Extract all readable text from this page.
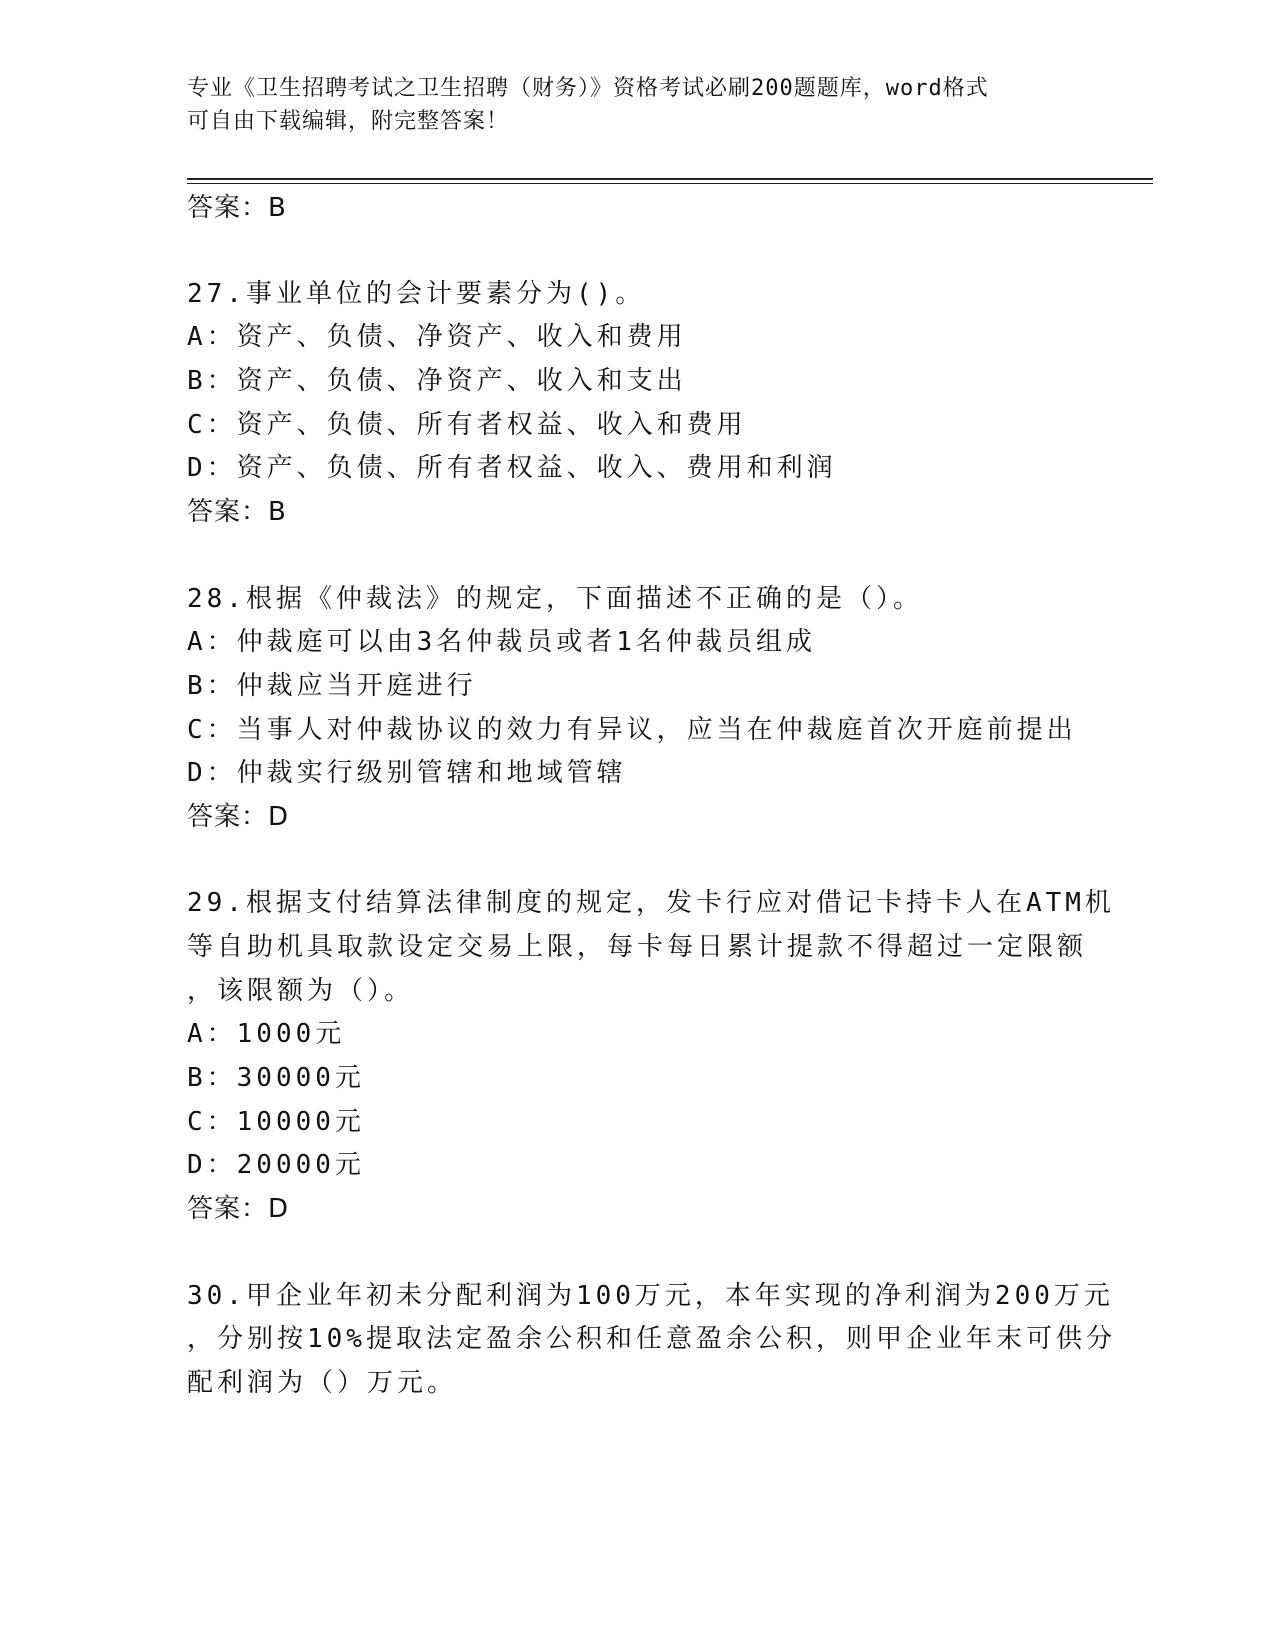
专业《卫生招聘考试之卫生招聘（财务）》资格考试必刷200题题库，word格式
可自由下载编辑，附完整答案！
答案：B
27.事业单位的会计要素分为()。
A：资产、负债、净资产、收入和费用
B：资产、负债、净资产、收入和支出
C：资产、负债、所有者权益、收入和费用
D：资产、负债、所有者权益、收入、费用和利润
答案：B
28.根据《仲裁法》的规定，下面描述不正确的是（）。
A：仲裁庭可以由3名仲裁员或者1名仲裁员组成
B：仲裁应当开庭进行
C：当事人对仲裁协议的效力有异议，应当在仲裁庭首次开庭前提出
D：仲裁实行级别管辖和地域管辖
答案：D
29.根据支付结算法律制度的规定，发卡行应对借记卡持卡人在ATM机
等自助机具取款设定交易上限，每卡每日累计提款不得超过一定限额
，该限额为（）。
A：1000元
B：30000元
C：10000元
D：20000元
答案：D
30.甲企业年初未分配利润为100万元，本年实现的净利润为200万元
，分别按10%提取法定盈余公积和任意盈余公积，则甲企业年末可供分
配利润为（）万元。
